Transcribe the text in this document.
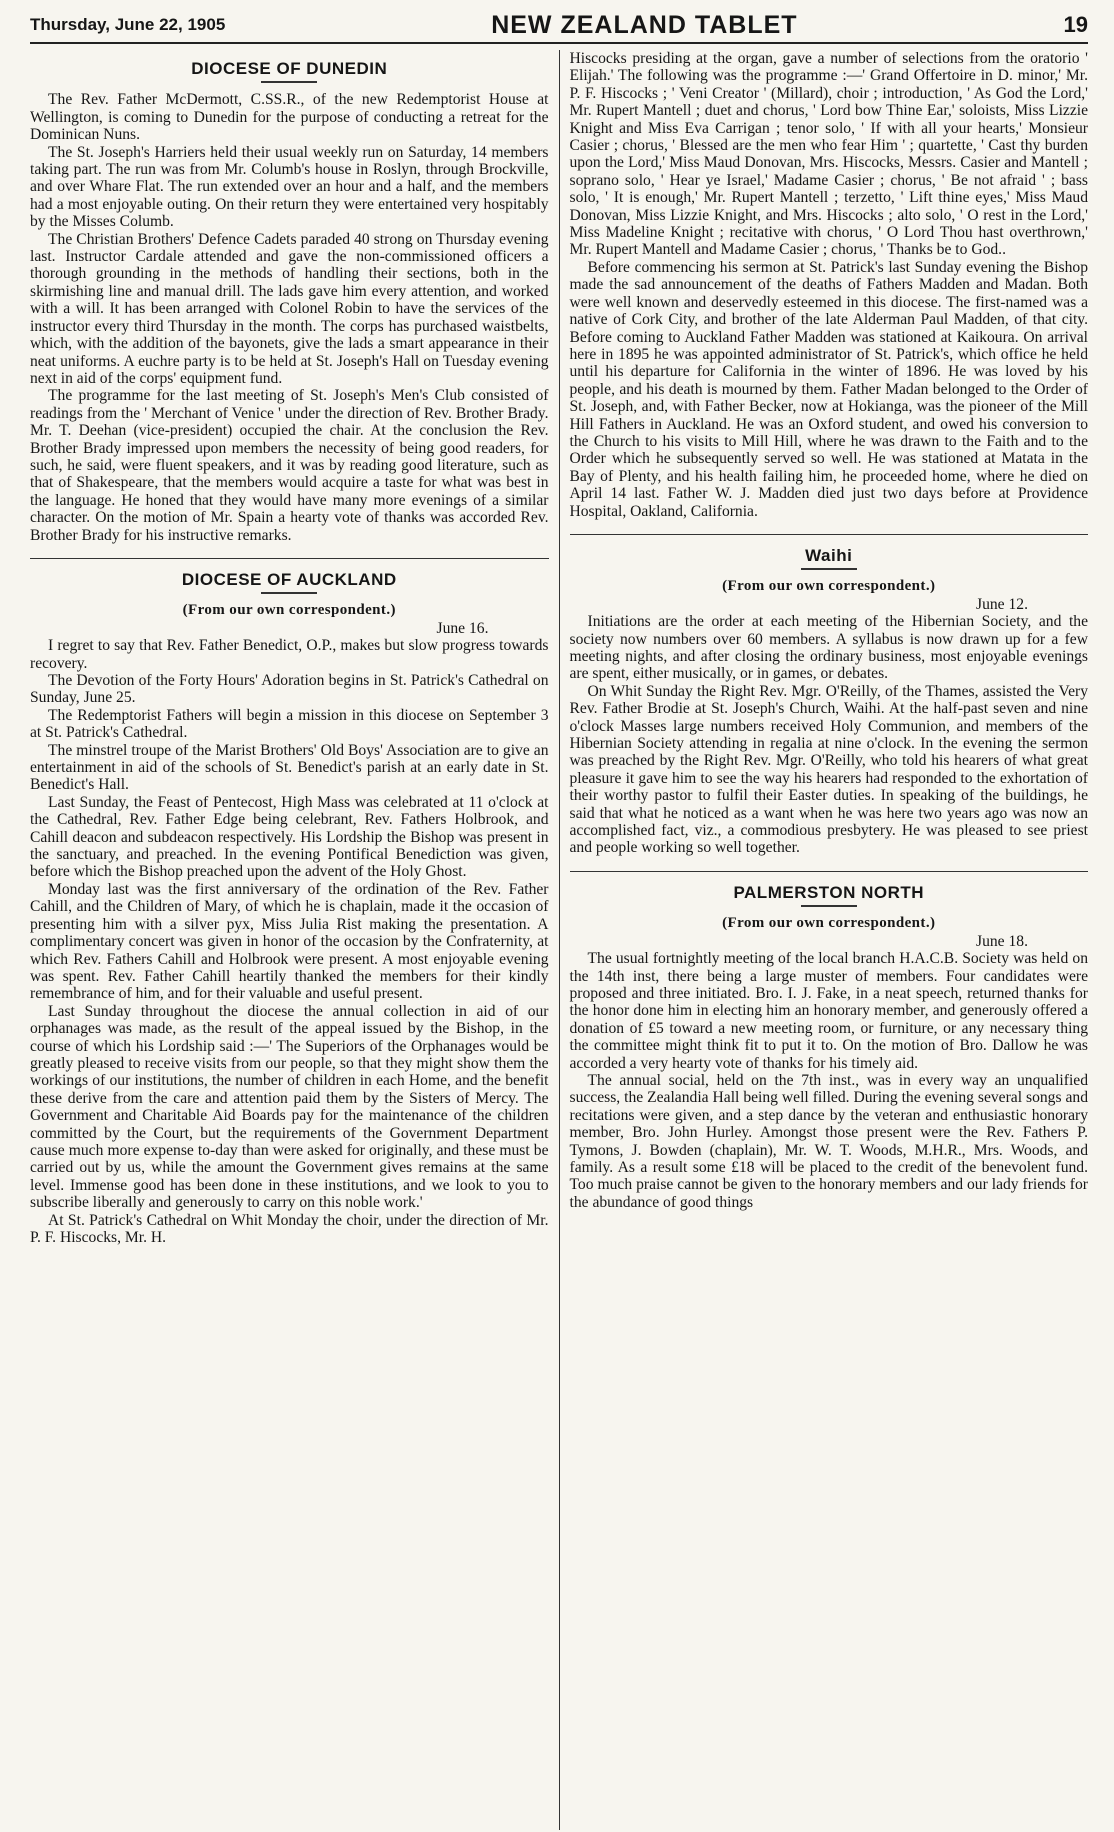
Thursday, June 22, 1905	NEW ZEALAND TABLET	19
DIOCESE OF DUNEDIN

The Rev. Father McDermott, C.SS.R., of the new Redemptorist House at Wellington, is coming to Dunedin for the purpose of conducting a retreat for the Dominican Nuns.

The St. Joseph's Harriers held their usual weekly run on Saturday, 14 members taking part. The run was from Mr. Columb's house in Roslyn, through Brockville, and over Whare Flat. The run extended over an hour and a half, and the members had a most enjoyable outing. On their return they were entertained very hospitably by the Misses Columb.

The Christian Brothers' Defence Cadets paraded 40 strong on Thursday evening last. Instructor Cardale attended and gave the non-commissioned officers a thorough grounding in the methods of handling their sections, both in the skirmishing line and manual drill. The lads gave him every attention, and worked with a will. It has been arranged with Colonel Robin to have the services of the instructor every third Thursday in the month. The corps has purchased waistbelts, which, with the addition of the bayonets, give the lads a smart appearance in their neat uniforms. A euchre party is to be held at St. Joseph's Hall on Tuesday evening next in aid of the corps' equipment fund.

The programme for the last meeting of St. Joseph's Men's Club consisted of readings from the ' Merchant of Venice ' under the direction of Rev. Brother Brady. Mr. T. Deehan (vice-president) occupied the chair. At the conclusion the Rev. Brother Brady impressed upon members the necessity of being good readers, for such, he said, were fluent speakers, and it was by reading good literature, such as that of Shakespeare, that the members would acquire a taste for what was best in the language. He honed that they would have many more evenings of a similar character. On the motion of Mr. Spain a hearty vote of thanks was accorded Rev. Brother Brady for his instructive remarks.

DIOCESE OF AUCKLAND
(From our own correspondent.)
June 16.

I regret to say that Rev. Father Benedict, O.P., makes but slow progress towards recovery.

The Devotion of the Forty Hours' Adoration begins in St. Patrick's Cathedral on Sunday, June 25.

The Redemptorist Fathers will begin a mission in this diocese on September 3 at St. Patrick's Cathedral.

The minstrel troupe of the Marist Brothers' Old Boys' Association are to give an entertainment in aid of the schools of St. Benedict's parish at an early date in St. Benedict's Hall.

Last Sunday, the Feast of Pentecost, High Mass was celebrated at 11 o'clock at the Cathedral, Rev. Father Edge being celebrant, Rev. Fathers Holbrook, and Cahill deacon and subdeacon respectively. His Lordship the Bishop was present in the sanctuary, and preached. In the evening Pontifical Benediction was given, before which the Bishop preached upon the advent of the Holy Ghost.

Monday last was the first anniversary of the ordination of the Rev. Father Cahill, and the Children of Mary, of which he is chaplain, made it the occasion of presenting him with a silver pyx, Miss Julia Rist making the presentation. A complimentary concert was given in honor of the occasion by the Confraternity, at which Rev. Fathers Cahill and Holbrook were present. A most enjoyable evening was spent. Rev. Father Cahill heartily thanked the members for their kindly remembrance of him, and for their valuable and useful present.

Last Sunday throughout the diocese the annual collection in aid of our orphanages was made, as the result of the appeal issued by the Bishop, in the course of which his Lordship said :—' The Superiors of the Orphanages would be greatly pleased to receive visits from our people, so that they might show them the workings of our institutions, the number of children in each Home, and the benefit these derive from the care and attention paid them by the Sisters of Mercy. The Government and Charitable Aid Boards pay for the maintenance of the children committed by the Court, but the requirements of the Government Department cause much more expense to-day than were asked for originally, and these must be carried out by us, while the amount the Government gives remains at the same level. Immense good has been done in these institutions, and we look to you to subscribe liberally and generously to carry on this noble work.'

At St. Patrick's Cathedral on Whit Monday the choir, under the direction of Mr. P. F. Hiscocks, Mr. H.

Hiscocks presiding at the organ, gave a number of selections from the oratorio ' Elijah.' The following was the programme :—' Grand Offertoire in D. minor,' Mr. P. F. Hiscocks ; ' Veni Creator ' (Millard), choir ; introduction, ' As God the Lord,' Mr. Rupert Mantell ; duet and chorus, ' Lord bow Thine Ear,' soloists, Miss Lizzie Knight and Miss Eva Carrigan ; tenor solo, ' If with all your hearts,' Monsieur Casier ; chorus, ' Blessed are the men who fear Him ' ; quartette, ' Cast thy burden upon the Lord,' Miss Maud Donovan, Mrs. Hiscocks, Messrs. Casier and Mantell ; soprano solo, ' Hear ye Israel,' Madame Casier ; chorus, ' Be not afraid ' ; bass solo, ' It is enough,' Mr. Rupert Mantell ; terzetto, ' Lift thine eyes,' Miss Maud Donovan, Miss Lizzie Knight, and Mrs. Hiscocks ; alto solo, ' O rest in the Lord,' Miss Madeline Knight ; recitative with chorus, ' O Lord Thou hast overthrown,' Mr. Rupert Mantell and Madame Casier ; chorus, ' Thanks be to God..

Before commencing his sermon at St. Patrick's last Sunday evening the Bishop made the sad announcement of the deaths of Fathers Madden and Madan. Both were well known and deservedly esteemed in this diocese. The first-named was a native of Cork City, and brother of the late Alderman Paul Madden, of that city. Before coming to Auckland Father Madden was stationed at Kaikoura. On arrival here in 1895 he was appointed administrator of St. Patrick's, which office he held until his departure for California in the winter of 1896. He was loved by his people, and his death is mourned by them. Father Madan belonged to the Order of St. Joseph, and, with Father Becker, now at Hokianga, was the pioneer of the Mill Hill Fathers in Auckland. He was an Oxford student, and owed his conversion to the Church to his visits to Mill Hill, where he was drawn to the Faith and to the Order which he subsequently served so well. He was stationed at Matata in the Bay of Plenty, and his health failing him, he proceeded home, where he died on April 14 last. Father W. J. Madden died just two days before at Providence Hospital, Oakland, California.

Waihi
(From our own correspondent.)
June 12.

Initiations are the order at each meeting of the Hibernian Society, and the society now numbers over 60 members. A syllabus is now drawn up for a few meeting nights, and after closing the ordinary business, most enjoyable evenings are spent, either musically, or in games, or debates.

On Whit Sunday the Right Rev. Mgr. O'Reilly, of the Thames, assisted the Very Rev. Father Brodie at St. Joseph's Church, Waihi. At the half-past seven and nine o'clock Masses large numbers received Holy Communion, and members of the Hibernian Society attending in regalia at nine o'clock. In the evening the sermon was preached by the Right Rev. Mgr. O'Reilly, who told his hearers of what great pleasure it gave him to see the way his hearers had responded to the exhortation of their worthy pastor to fulfil their Easter duties. In speaking of the buildings, he said that what he noticed as a want when he was here two years ago was now an accomplished fact, viz., a commodious presbytery. He was pleased to see priest and people working so well together.

PALMERSTON NORTH
(From our own correspondent.)
June 18.

The usual fortnightly meeting of the local branch H.A.C.B. Society was held on the 14th inst, there being a large muster of members. Four candidates were proposed and three initiated. Bro. I. J. Fake, in a neat speech, returned thanks for the honor done him in electing him an honorary member, and generously offered a donation of £5 toward a new meeting room, or furniture, or any necessary thing the committee might think fit to put it to. On the motion of Bro. Dallow he was accorded a very hearty vote of thanks for his timely aid.

The annual social, held on the 7th inst., was in every way an unqualified success, the Zealandia Hall being well filled. During the evening several songs and recitations were given, and a step dance by the veteran and enthusiastic honorary member, Bro. John Hurley. Amongst those present were the Rev. Fathers P. Tymons, J. Bowden (chaplain), Mr. W. T. Woods, M.H.R., Mrs. Woods, and family. As a result some £18 will be placed to the credit of the benevolent fund. Too much praise cannot be given to the honorary members and our lady friends for the abundance of good things
